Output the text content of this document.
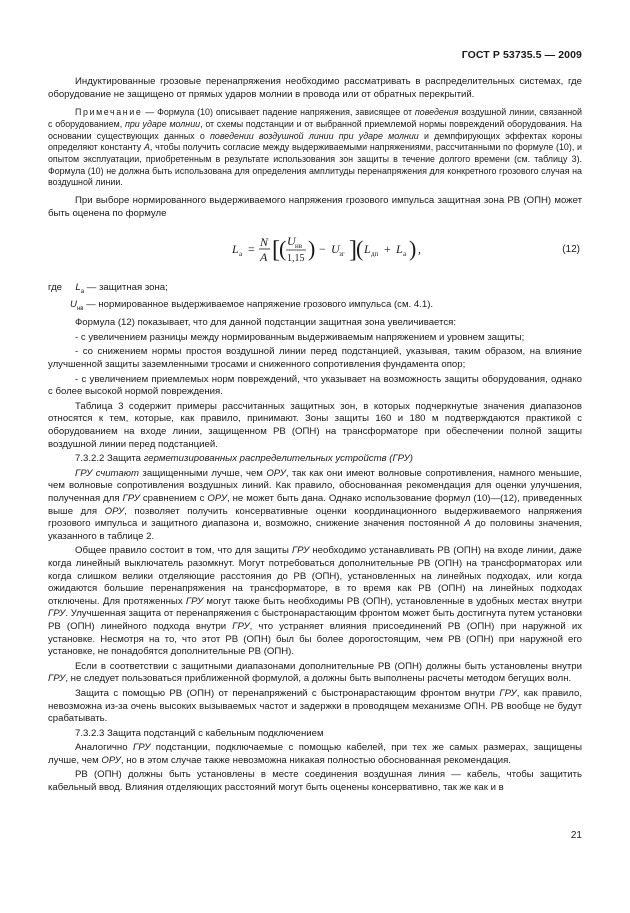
ГОСТ Р 53735.5 — 2009

Индуктированные грозовые перенапряжения необходимо рассматривать в распределительных системах, где оборудование не защищено от прямых ударов молнии в провода или от обратных перекрытий.

Примечание — Формула (10) описывает падение напряжения, зависящее от поведения воздушной линии, связанной с оборудованием, при ударе молнии, от схемы подстанции и от выбранной приемлемой нормы повреждений оборудования. На основании существующих данных о поведении воздушной линии при ударе молнии и демпфирующих эффектах короны определяют константу А, чтобы получить согласие между выдерживаемыми напряжениями, рассчитанными по формуле (10), и опытом эксплуатации, приобретенным в результате использования зон защиты в течение долгого времени (см. таблицу 3). Формула (10) не должна быть использована для определения амплитуды перенапряжения для конкретного грозового случая на воздушной линии.

При выборе нормированного выдерживаемого напряжения грозового импульса защитная зона РВ (ОПН) может быть оценена по формуле

L а = N
A [ ( U нв
1,15 ) − U зг ] ( L дп + L а ) ,	(12)

где $L_а$ — защитная зона;

$U_{нв}$ — нормированное выдерживаемое напряжение грозового импульса (см. 4.1).

Формула (12) показывает, что для данной подстанции защитная зона увеличивается:

- с увеличением разницы между нормированным выдерживаемым напряжением и уровнем защиты;

- со снижением нормы простоя воздушной линии перед подстанцией, указывая, таким образом, на влияние улучшенной защиты заземленными тросами и сниженного сопротивления фундамента опор;

- с увеличением приемлемых норм повреждений, что указывает на возможность защиты оборудования, однако с более высокой нормой повреждения.

Таблица 3 содержит примеры рассчитанных защитных зон, в которых подчеркнутые значения диапазонов относятся к тем, которые, как правило, принимают. Зоны защиты 160 и 180 м подтверждаются практикой с оборудованием на входе линии, защищенном РВ (ОПН) на трансформаторе при обеспечении полной защиты воздушной линии перед подстанцией.

7.3.2.2 Защита герметизированных распределительных устройств (ГРУ)

ГРУ считают защищенными лучше, чем ОРУ, так как они имеют волновые сопротивления, намного меньшие, чем волновые сопротивления воздушных линий. Как правило, обоснованная рекомендация для оценки улучшения, полученная для ГРУ сравнением с ОРУ, не может быть дана. Однако использование формул (10)—(12), приведенных выше для ОРУ, позволяет получить консервативные оценки координационного выдерживаемого напряжения грозового импульса и защитного диапазона и, возможно, снижение значения постоянной А до половины значения, указанного в таблице 2.

Общее правило состоит в том, что для защиты ГРУ необходимо устанавливать РВ (ОПН) на входе линии, даже когда линейный выключатель разомкнут. Могут потребоваться дополнительные РВ (ОПН) на трансформаторах или когда слишком велики отделяющие расстояния до РВ (ОПН), установленных на линейных подходах, или когда ожидаются большие перенапряжения на трансформаторе, в то время как РВ (ОПН) на линейных подходах отключены. Для протяженных ГРУ могут также быть необходимы РВ (ОПН), установленные в удобных местах внутри ГРУ. Улучшенная защита от перенапряжения с быстронарастающим фронтом может быть достигнута путем установки РВ (ОПН) линейного подхода внутри ГРУ, что устраняет влияния присоединений РВ (ОПН) при наружной их установке. Несмотря на то, что этот РВ (ОПН) был бы более дорогостоящим, чем РВ (ОПН) при наружной его установке, не понадобятся дополнительные РВ (ОПН).

Если в соответствии с защитными диапазонами дополнительные РВ (ОПН) должны быть установлены внутри ГРУ, не следует пользоваться приближенной формулой, а должны быть выполнены расчеты методом бегущих волн.

Защита с помощью РВ (ОПН) от перенапряжений с быстронарастающим фронтом внутри ГРУ, как правило, невозможна из-за очень высоких вызываемых частот и задержки в проводящем механизме ОПН. РВ вообще не будут срабатывать.

7.3.2.3 Защита подстанций с кабельным подключением

Аналогично ГРУ подстанции, подключаемые с помощью кабелей, при тех же самых размерах, защищены лучше, чем ОРУ, но в этом случае также невозможна никакая полностью обоснованная рекомендация.

РВ (ОПН) должны быть установлены в месте соединения воздушная линия — кабель, чтобы защитить кабельный ввод. Влияния отделяющих расстояний могут быть оценены консервативно, так же как и в

21
